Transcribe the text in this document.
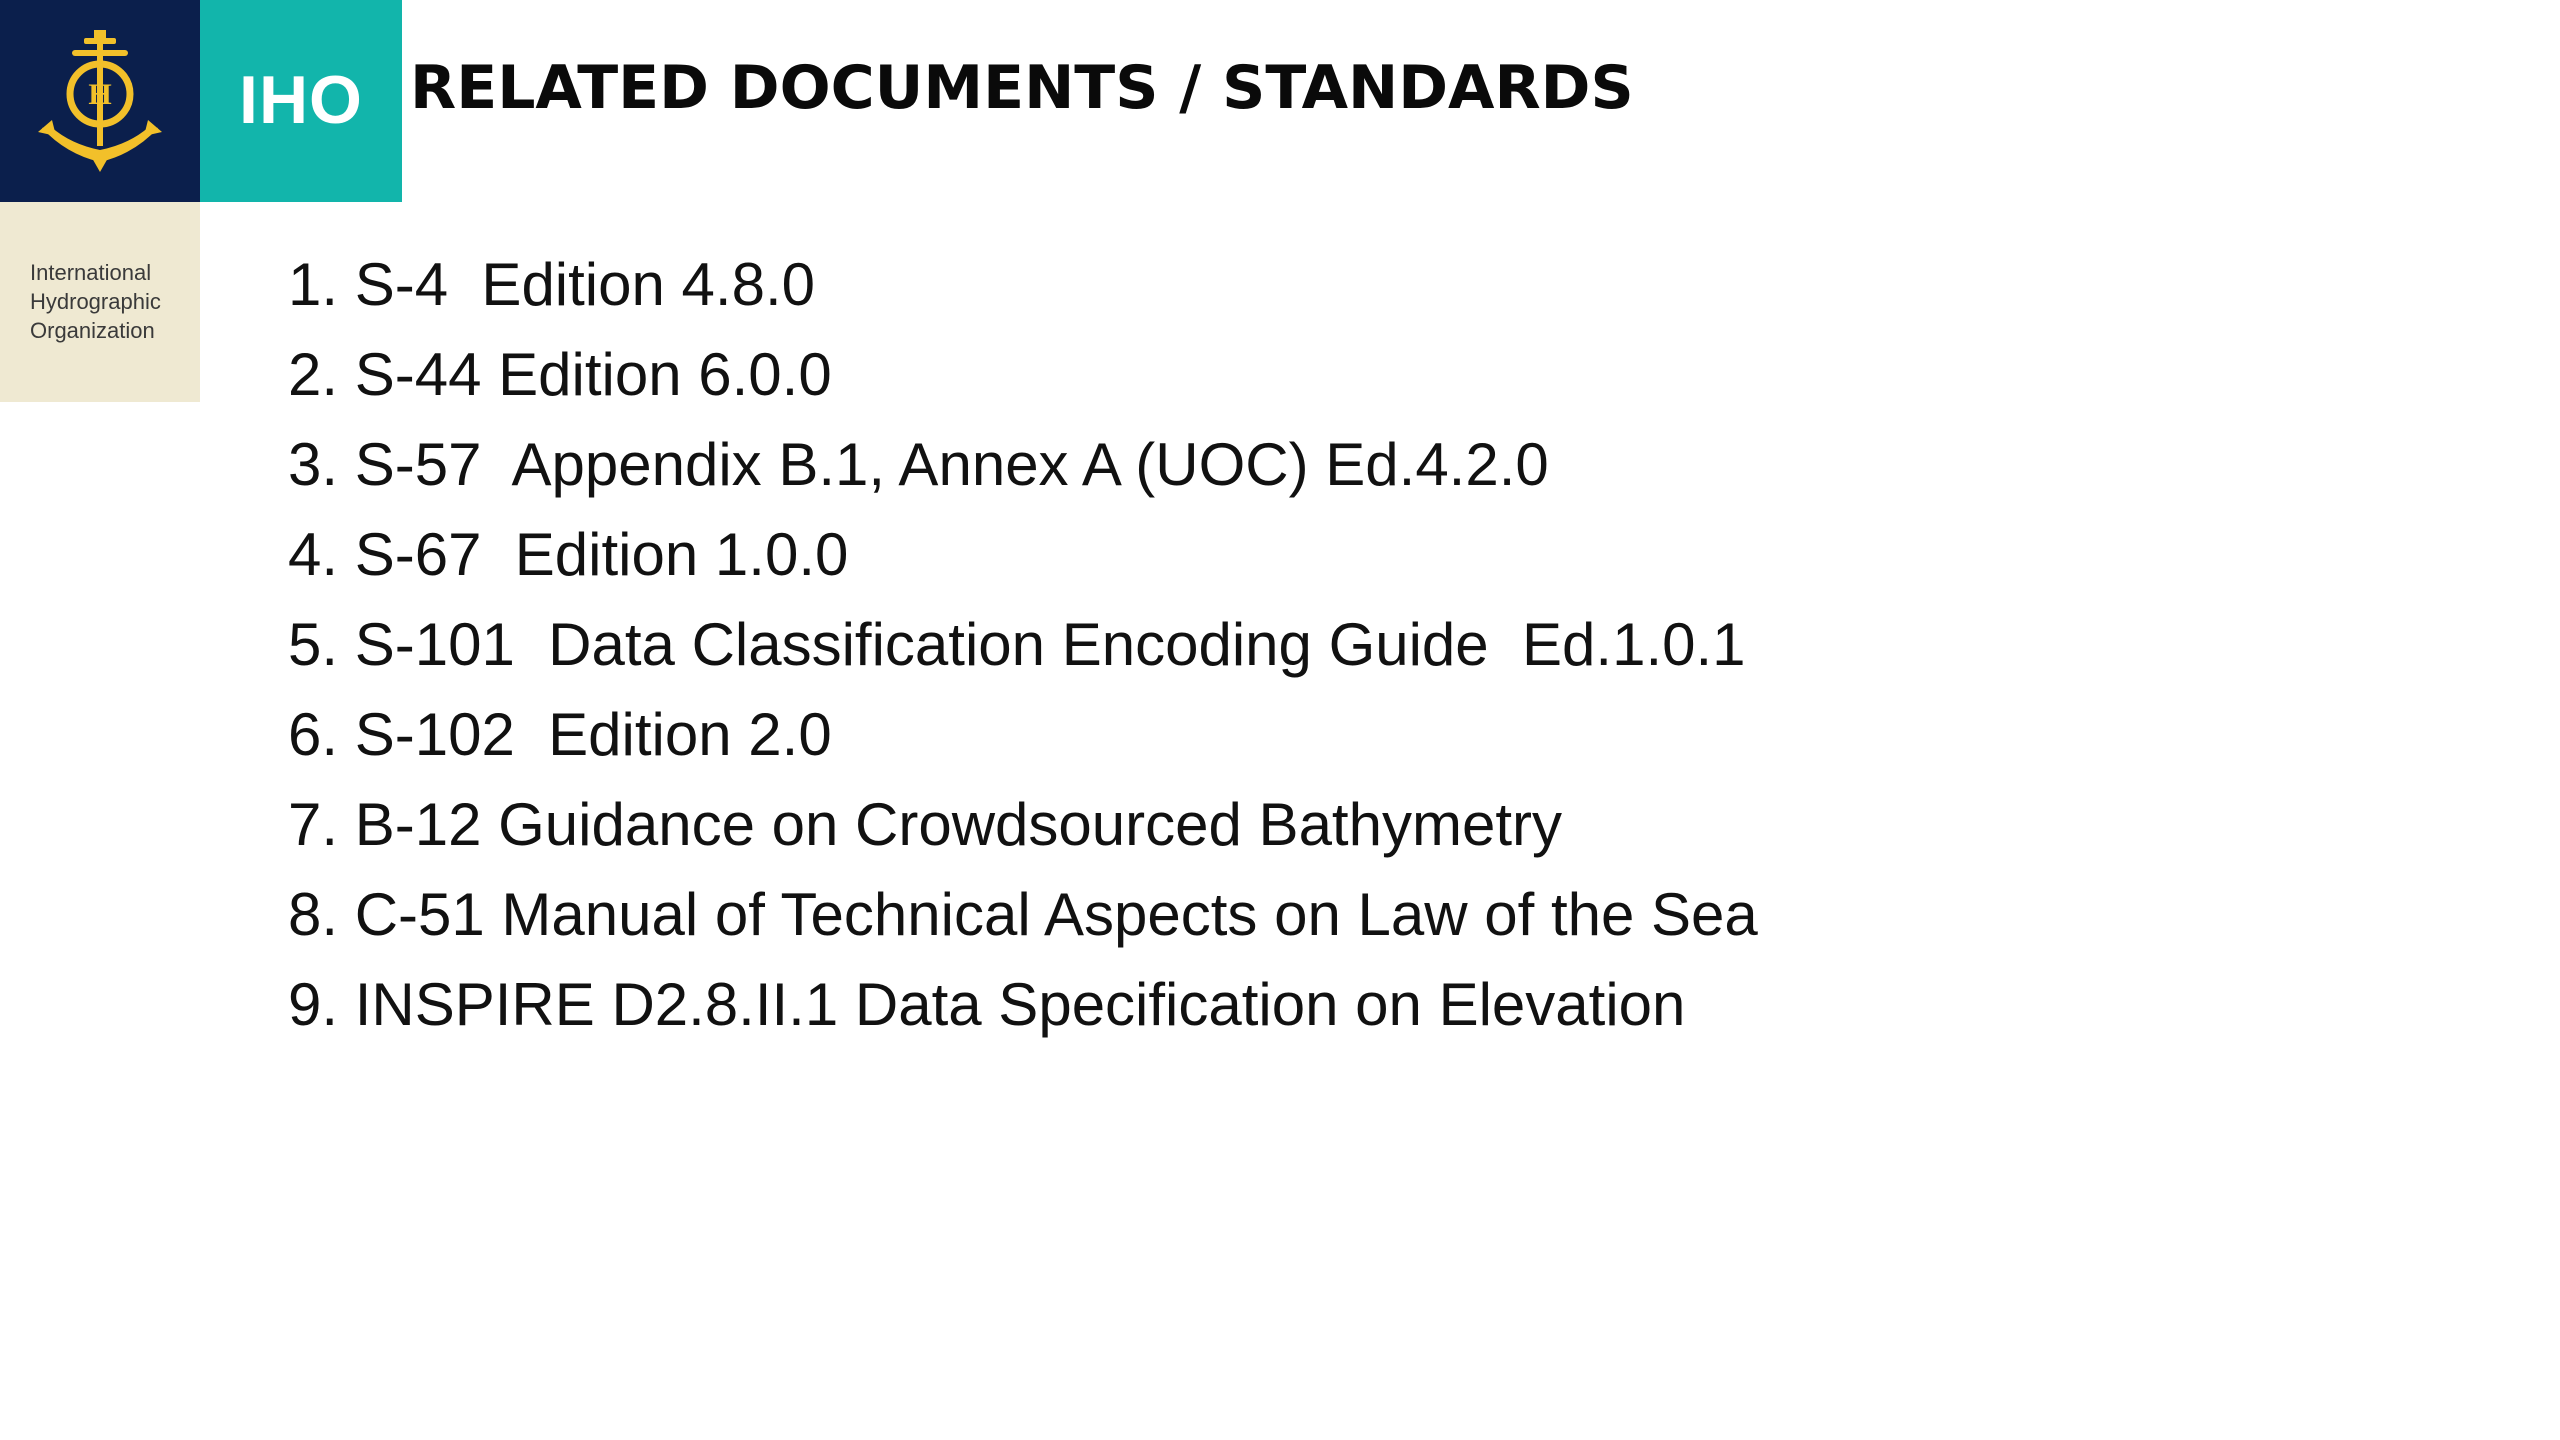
H IHO
International
Hydrographic
Organization
RELATED DOCUMENTS / STANDARDS
1. S-4  Edition 4.8.0
2. S-44 Edition 6.0.0
3. S-57  Appendix B.1, Annex A (UOC) Ed.4.2.0
4. S-67  Edition 1.0.0
5. S-101  Data Classification Encoding Guide  Ed.1.0.1
6. S-102  Edition 2.0
7. B-12 Guidance on Crowdsourced Bathymetry
8. C-51 Manual of Technical Aspects on Law of the Sea
9. INSPIRE D2.8.II.1 Data Specification on Elevation
